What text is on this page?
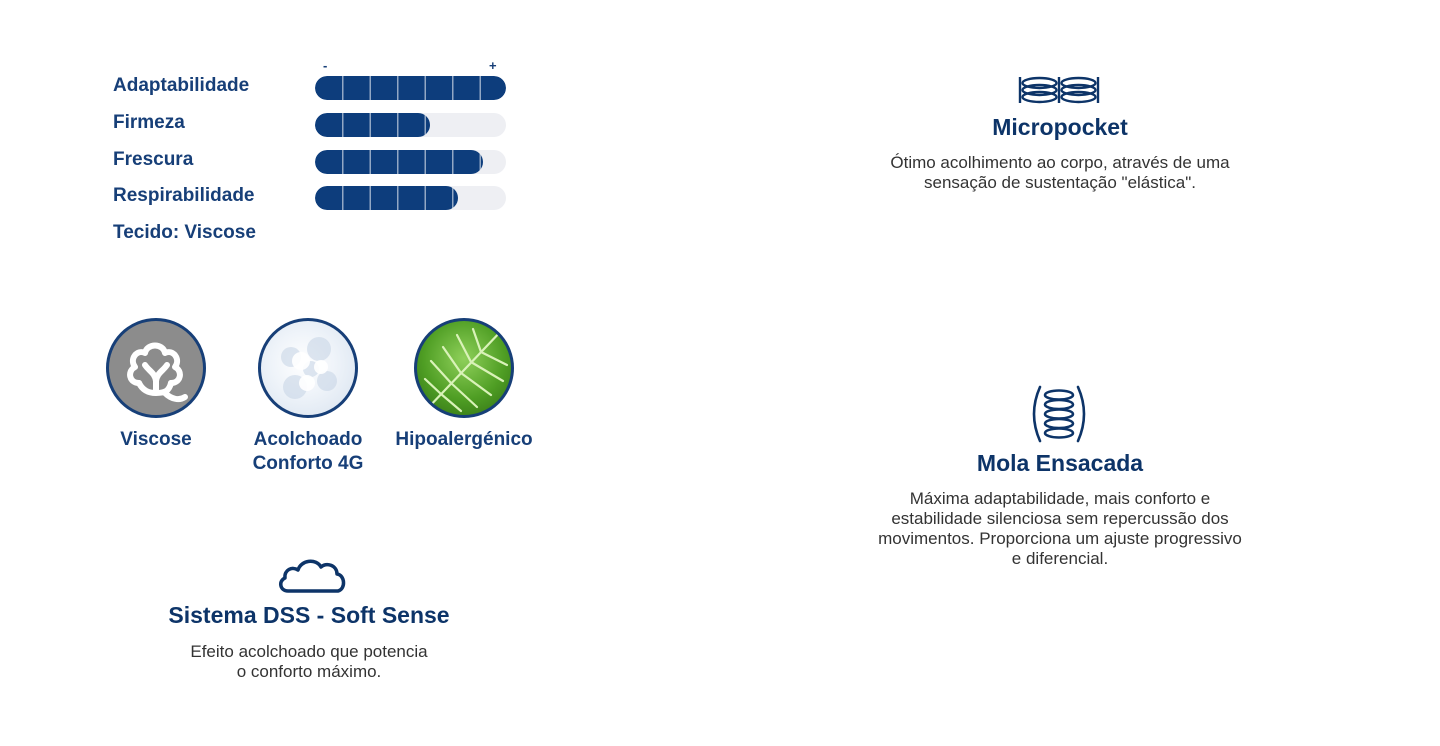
-	+
Adaptabilidade
Firmeza
Frescura
Respirabilidade
Tecido: Viscose
Viscose	Acolchoado
Conforto 4G
Hipoalergénico
Sistema DSS - Soft Sense
Efeito acolchoado que potencia
o conforto máximo.
Micropocket
Ótimo acolhimento ao corpo, através de uma
sensação de sustentação "elástica".
Mola Ensacada
Máxima adaptabilidade, mais conforto e
estabilidade silenciosa sem repercussão dos
movimentos. Proporciona um ajuste progressivo
e diferencial.
